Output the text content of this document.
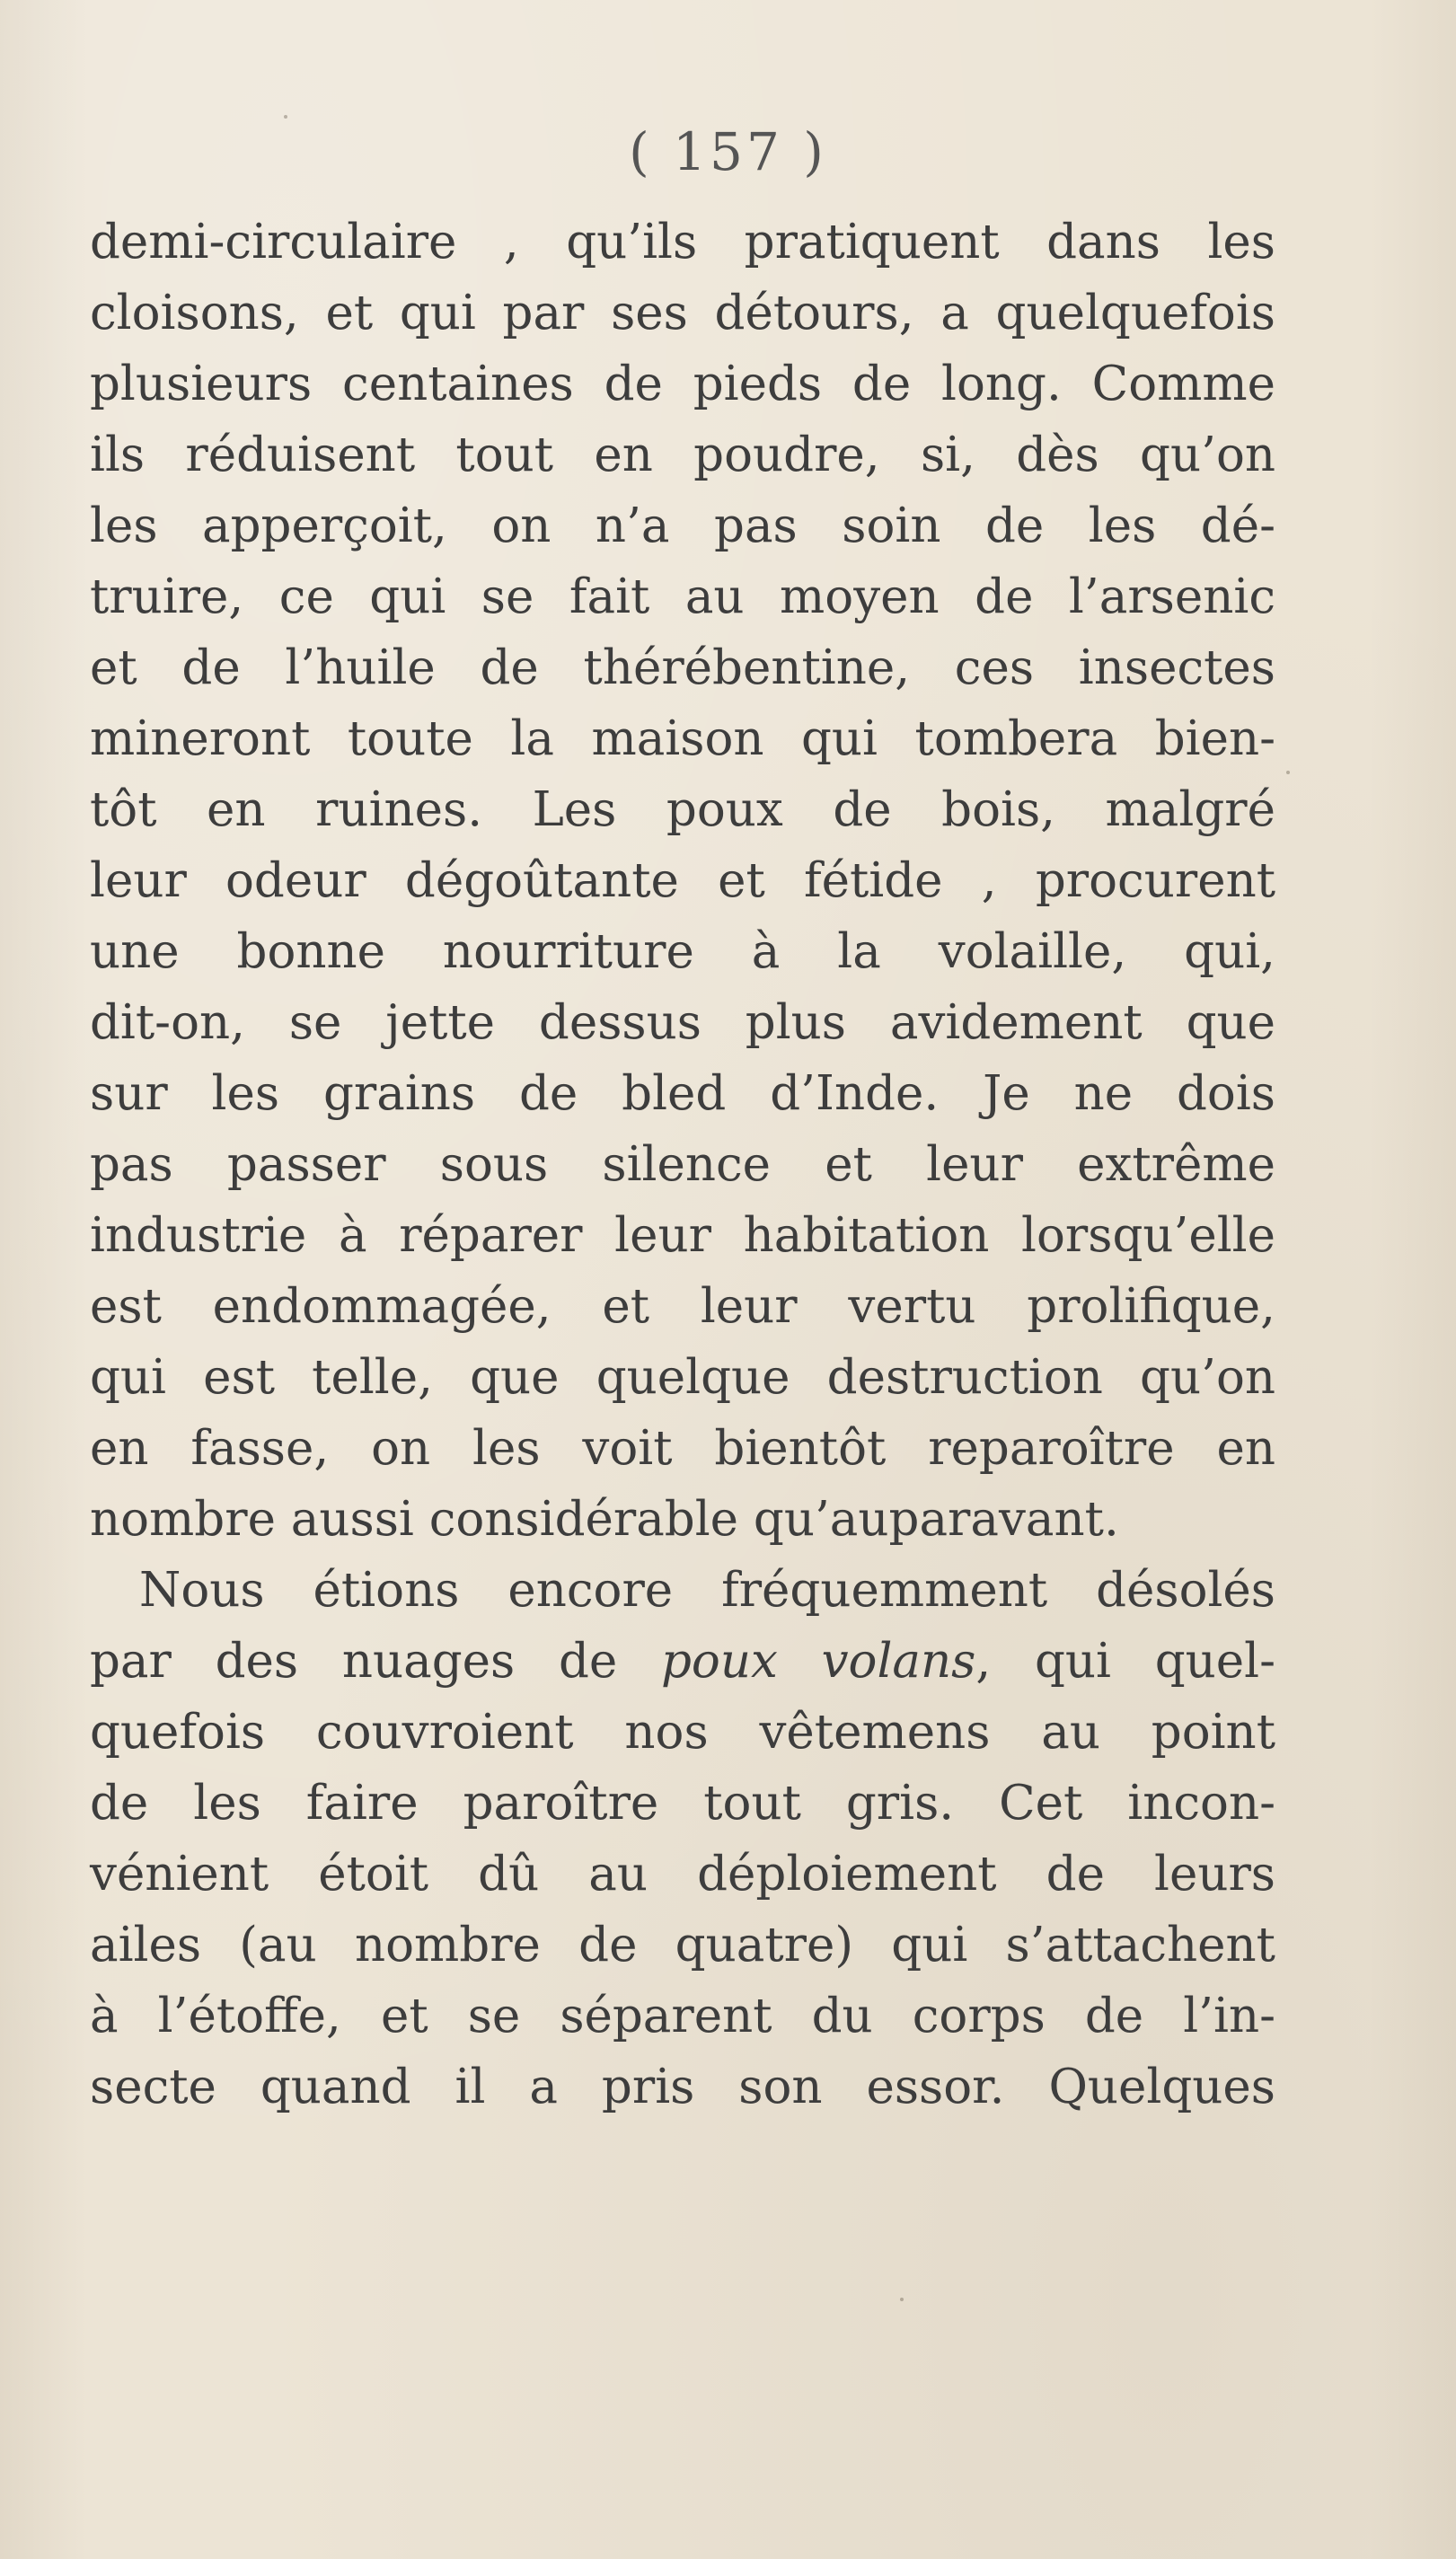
( 157 )
demi-circulaire , qu’ils pratiquent dans les
cloisons, et qui par ses détours, a quelquefois
plusieurs centaines de pieds de long. Comme
ils réduisent tout en poudre, si, dès qu’on
les apperçoit, on n’a pas soin de les dé-
truire, ce qui se fait au moyen de l’arsenic
et de l’huile de thérébentine, ces insectes
mineront toute la maison qui tombera bien-
tôt en ruines. Les poux de bois, malgré
leur odeur dégoûtante et fétide , procurent
une bonne nourriture à la volaille, qui,
dit-on, se jette dessus plus avidement que
sur les grains de bled d’Inde. Je ne dois
pas passer sous silence et leur extrême
industrie à réparer leur habitation lorsqu’elle
est endommagée, et leur vertu prolifique,
qui est telle, que quelque destruction qu’on
en fasse, on les voit bientôt reparoître en
nombre aussi considérable qu’auparavant.
Nous étions encore fréquemment désolés
par des nuages de poux volans, qui quel-
quefois couvroient nos vêtemens au point
de les faire paroître tout gris. Cet incon-
vénient étoit dû au déploiement de leurs
ailes (au nombre de quatre) qui s’attachent
à l’étoffe, et se séparent du corps de l’in-
secte quand il a pris son essor. Quelques
